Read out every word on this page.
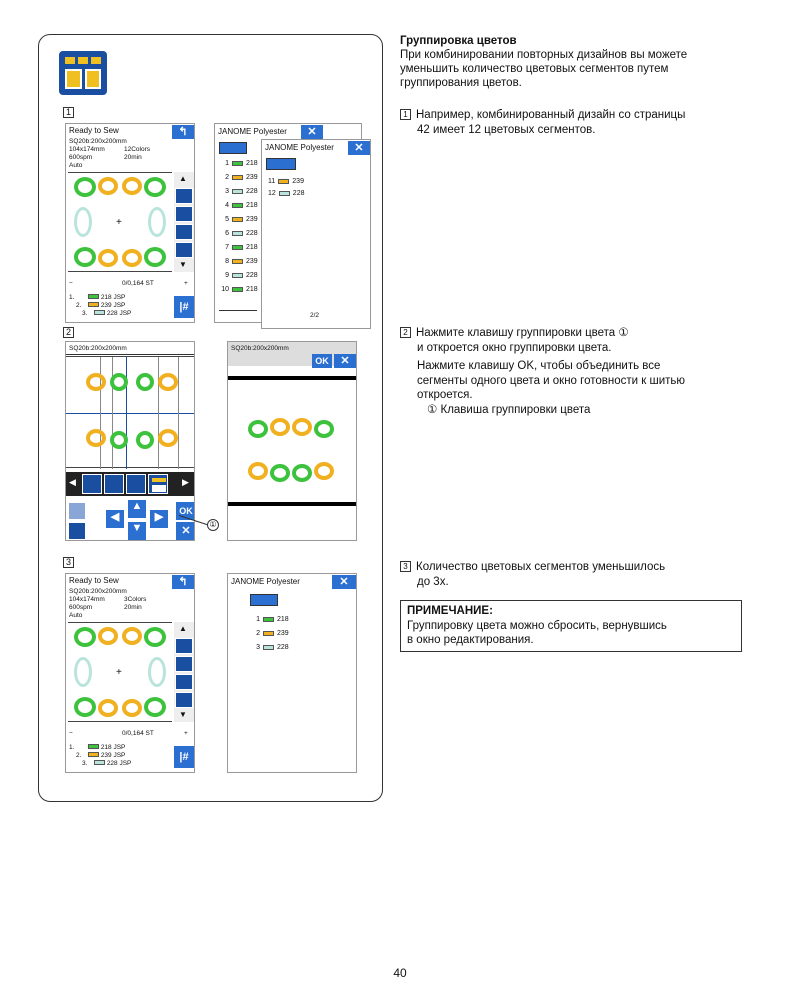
1
Ready to Sew	↰
SQ20b:200x200mm
104x174mm	12Colors
600spm	20min
Auto
+
▲
▼
−	0/0,164 ST	+
1.	218 JSP
2.	239 JSP
3.	228 JSP
|#
JANOME Polyester	✕
1 218
2 239
3 228
4 218
5 239
6 228
7 218
8 239
9 228
10 218
JANOME Polyester	✕
11 239
12 228
2/2
2
SQ20b:200x200mm
◀	▶
◀
▲
▼
▶	OK
✕
①
SQ20b:200x200mm
OK	✕
3
Ready to Sew	↰
SQ20b:200x200mm
104x174mm	3Colors
600spm	20min
Auto
+
▲
▼
−	0/0,164 ST	+
1.	218 JSP
2.	239 JSP
3.	228 JSP
|#
JANOME Polyester	✕
1 218
2 239
3 228
Группировка цветов
При комбинировании повторных дизайнов вы можете уменьшить количество цветовых сегментов путем группирования цветов.
1 Например, комбинированный дизайн со страницы
42 имеет 12 цветовых сегментов.
2 Нажмите клавишу группировки цвета ①
и откроется окно группировки цвета.
Нажмите клавишу OK, чтобы объединить все
сегменты одного цвета и окно готовности к шитью
откроется.
① Клавиша группировки цвета
3 Количество цветовых сегментов уменьшилось
до 3х.
ПРИМЕЧАНИЕ:
Группировку цвета можно сбросить, вернувшись
в окно редактирования.
40
